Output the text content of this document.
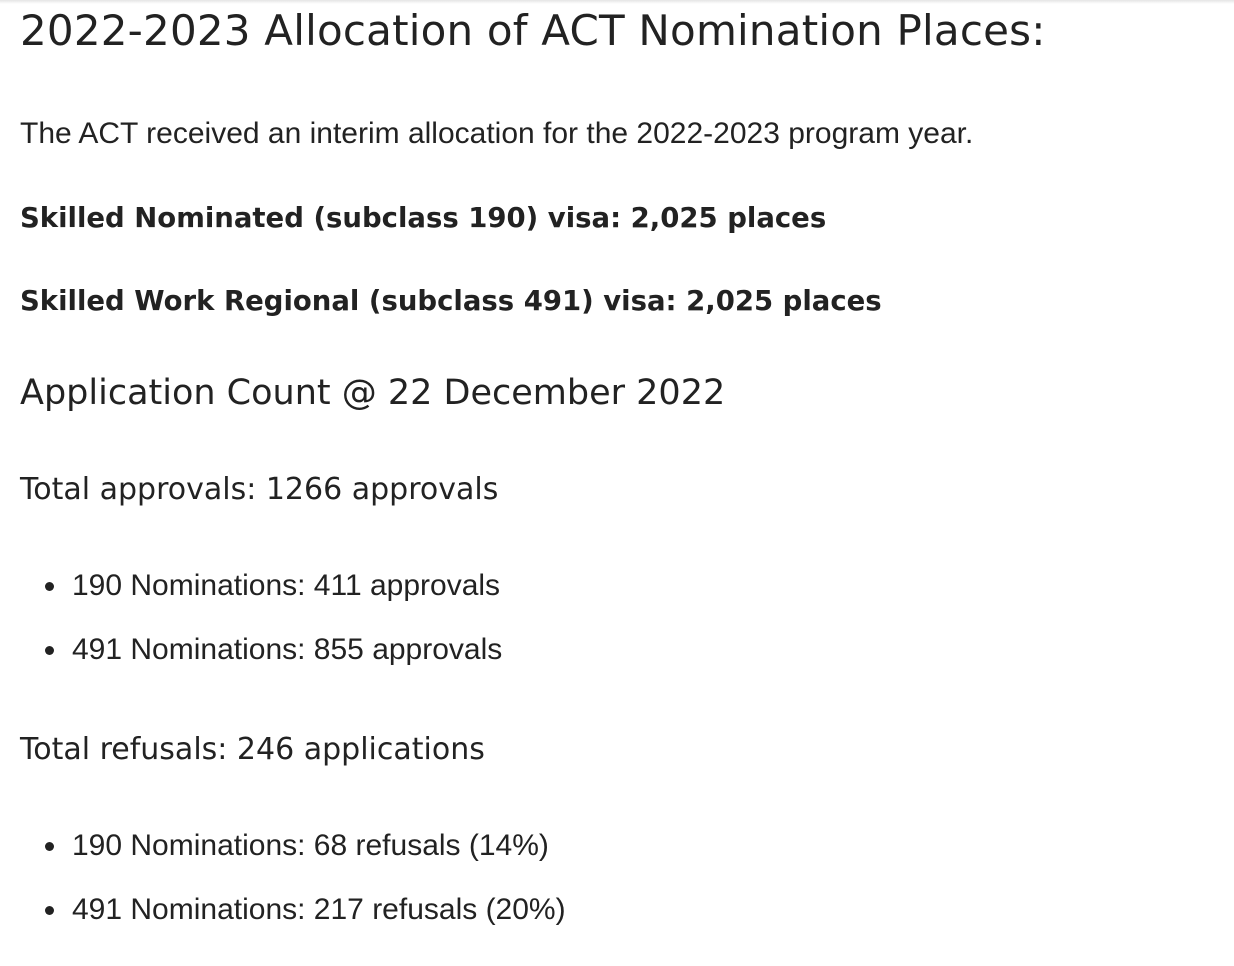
2022-2023 Allocation of ACT Nomination Places:

The ACT received an interim allocation for the 2022-2023 program year.

Skilled Nominated (subclass 190) visa: 2,025 places

Skilled Work Regional (subclass 491) visa: 2,025 places

Application Count @ 22 December 2022
Total approvals: 1266 approvals
190 Nominations: 411 approvals
491 Nominations: 855 approvals
Total refusals: 246 applications
190 Nominations: 68 refusals (14%)
491 Nominations: 217 refusals (20%)
